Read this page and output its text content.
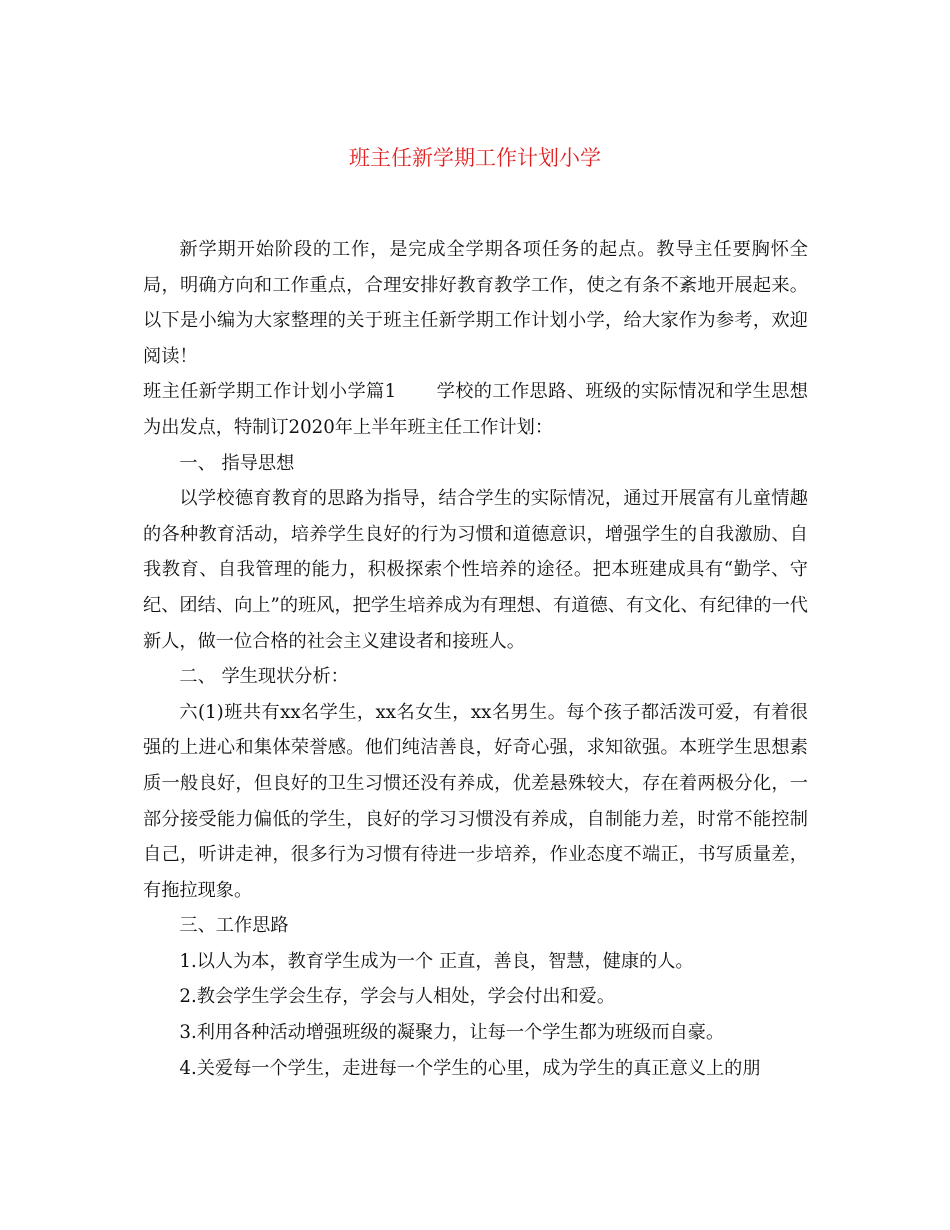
班主任新学期工作计划小学

新学期开始阶段的工作，是完成全学期各项任务的起点。教导主任要胸怀全局，明确方向和工作重点，合理安排好教育教学工作，使之有条不紊地开展起来。以下是小编为大家整理的关于班主任新学期工作计划小学，给大家作为参考，欢迎阅读！

班主任新学期工作计划小学篇1 学校的工作思路、班级的实际情况和学生思想为出发点，特制订2020年上半年班主任工作计划：

一、 指导思想

以学校德育教育的思路为指导，结合学生的实际情况，通过开展富有儿童情趣的各种教育活动，培养学生良好的行为习惯和道德意识，增强学生的自我激励、自我教育、自我管理的能力，积极探索个性培养的途径。把本班建成具有“勤学、守纪、团结、向上”的班风，把学生培养成为有理想、有道德、有文化、有纪律的一代新人，做一位合格的社会主义建设者和接班人。

二、 学生现状分析：

六(1)班共有xx名学生，xx名女生，xx名男生。每个孩子都活泼可爱，有着很强的上进心和集体荣誉感。他们纯洁善良，好奇心强，求知欲强。本班学生思想素质一般良好，但良好的卫生习惯还没有养成，优差悬殊较大，存在着两极分化，一部分接受能力偏低的学生，良好的学习习惯没有养成，自制能力差，时常不能控制自己，听讲走神，很多行为习惯有待进一步培养，作业态度不端正，书写质量差，有拖拉现象。

三、工作思路

1.以人为本，教育学生成为一个 正直，善良，智慧，健康的人。

2.教会学生学会生存，学会与人相处，学会付出和爱。

3.利用各种活动增强班级的凝聚力，让每一个学生都为班级而自豪。

4.关爱每一个学生，走进每一个学生的心里，成为学生的真正意义上的朋
